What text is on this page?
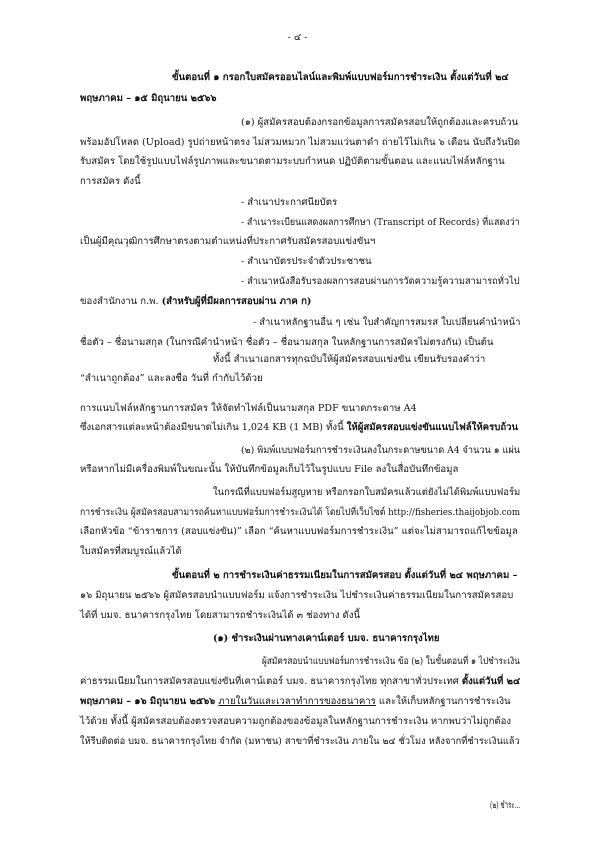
- ๔ -
ขั้นตอนที่ ๑ กรอกใบสมัครออนไลน์และพิมพ์แบบฟอร์มการชำระเงิน ตั้งแต่วันที่ ๒๔
พฤษภาคม – ๑๕ มิถุนายน ๒๕๖๖
(๑) ผู้สมัครสอบต้องกรอกข้อมูลการสมัครสอบให้ถูกต้องและครบถ้วน
พร้อมอัปโหลด (Upload) รูปถ่ายหน้าตรง ไม่สวมหมวก ไม่สวมแว่นตาดำ ถ่ายไว้ไม่เกิน ๖ เดือน นับถึงวันปิด
รับสมัคร โดยใช้รูปแบบไฟล์รูปภาพและขนาดตามระบบกำหนด ปฏิบัติตามขั้นตอน และแนบไฟล์หลักฐาน
การสมัคร ดังนี้
- สำเนาประกาศนียบัตร
- สำเนาระเบียนแสดงผลการศึกษา (Transcript of Records) ที่แสดงว่า
เป็นผู้มีคุณวุฒิการศึกษาตรงตามตำแหน่งที่ประกาศรับสมัครสอบแข่งขันฯ
- สำเนาบัตรประจำตัวประชาชน
- สำเนาหนังสือรับรองผลการสอบผ่านการวัดความรู้ความสามารถทั่วไป
ของสำนักงาน ก.พ. (สำหรับผู้ที่มีผลการสอบผ่าน ภาค ก)
- สำเนาหลักฐานอื่น ๆ เช่น ใบสำคัญการสมรส ใบเปลี่ยนคำนำหน้า
ชื่อตัว – ชื่อนามสกุล (ในกรณีคำนำหน้า ชื่อตัว – ชื่อนามสกุล ในหลักฐานการสมัครไม่ตรงกัน) เป็นต้น
ทั้งนี้ สำเนาเอกสารทุกฉบับให้ผู้สมัครสอบแข่งขัน เขียนรับรองคำว่า
“สำเนาถูกต้อง” และลงชื่อ วันที่ กำกับไว้ด้วย
การแนบไฟล์หลักฐานการสมัคร ให้จัดทำไฟล์เป็นนามสกุล PDF ขนาดกระดาษ A4
ซึ่งเอกสารแต่ละหน้าต้องมีขนาดไม่เกิน 1,024 KB (1 MB) ทั้งนี้ ให้ผู้สมัครสอบแข่งขันแนบไฟล์ให้ครบถ้วน
(๒) พิมพ์แบบฟอร์มการชำระเงินลงในกระดาษขนาด A4 จำนวน ๑ แผ่น
หรือหากไม่มีเครื่องพิมพ์ในขณะนั้น ให้บันทึกข้อมูลเก็บไว้ในรูปแบบ File ลงในสื่อบันทึกข้อมูล
ในกรณีที่แบบฟอร์มสูญหาย หรือกรอกใบสมัครแล้วแต่ยังไม่ได้พิมพ์แบบฟอร์ม
การชำระเงิน ผู้สมัครสอบสามารถค้นหาแบบฟอร์มการชำระเงินได้ โดยไปที่เว็บไซต์ http://fisheries.thaijobjob.com
เลือกหัวข้อ “ข้าราชการ (สอบแข่งขัน)” เลือก “ค้นหาแบบฟอร์มการชำระเงิน” แต่จะไม่สามารถแก้ไขข้อมูล
ใบสมัครที่สมบูรณ์แล้วได้
ขั้นตอนที่ ๒ การชำระเงินค่าธรรมเนียมในการสมัครสอบ ตั้งแต่วันที่ ๒๔ พฤษภาคม –
๑๖ มิถุนายน ๒๕๖๖ ผู้สมัครสอบนำแบบฟอร์ม แจ้งการชำระเงิน ไปชำระเงินค่าธรรมเนียมในการสมัครสอบ
ได้ที่ บมจ. ธนาคารกรุงไทย โดยสามารถชำระเงินได้ ๓ ช่องทาง ดังนี้
(๑) ชำระเงินผ่านทางเคาน์เตอร์ บมจ. ธนาคารกรุงไทย
ผู้สมัครสอบนำแบบฟอร์มการชำระเงิน ข้อ (๒) ในขั้นตอนที่ ๑ ไปชำระเงิน
ค่าธรรมเนียมในการสมัครสอบแข่งขันที่เคาน์เตอร์ บมจ. ธนาคารกรุงไทย ทุกสาขาทั่วประเทศ ตั้งแต่วันที่ ๒๔
พฤษภาคม – ๑๖ มิถุนายน ๒๕๖๖ ภายในวันและเวลาทำการของธนาคาร และให้เก็บหลักฐานการชำระเงิน
ไว้ด้วย ทั้งนี้ ผู้สมัครสอบต้องตรวจสอบความถูกต้องของข้อมูลในหลักฐานการชำระเงิน หากพบว่าไม่ถูกต้อง
ให้รีบติดต่อ บมจ. ธนาคารกรุงไทย จำกัด (มหาชน) สาขาที่ชำระเงิน ภายใน ๒๔ ชั่วโมง หลังจากที่ชำระเงินแล้ว
(๒) ชำระ...
